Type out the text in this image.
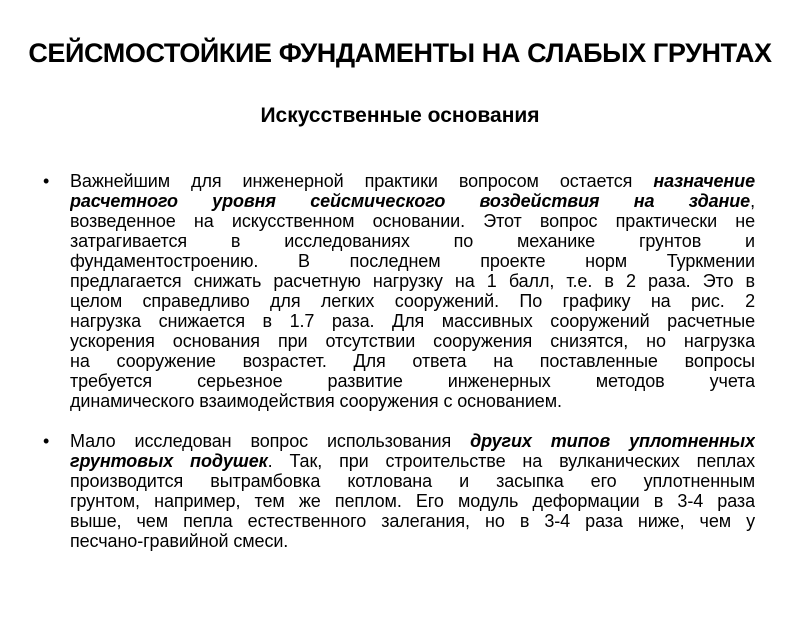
СЕЙСМОСТОЙКИЕ ФУНДАМЕНТЫ НА СЛАБЫХ ГРУНТАХ
Искусственные основания
• Важнейшим для инженерной практики вопросом остается назначение
расчетного уровня сейсмического воздействия на здание,
возведенное на искусственном основании. Этот вопрос практически не
затрагивается в исследованиях по механике грунтов и
фундаментостроению. В последнем проекте норм Туркмении
предлагается снижать расчетную нагрузку на 1 балл, т.е. в 2 раза. Это в
целом справедливо для легких сооружений. По графику на рис. 2
нагрузка снижается в 1.7 раза. Для массивных сооружений расчетные
ускорения основания при отсутствии сооружения снизятся, но нагрузка
на сооружение возрастет. Для ответа на поставленные вопросы
требуется серьезное развитие инженерных методов учета
динамического взаимодействия сооружения с основанием.
• Мало исследован вопрос использования других типов уплотненных
грунтовых подушек. Так, при строительстве на вулканических пеплах
производится вытрамбовка котлована и засыпка его уплотненным
грунтом, например, тем же пеплом. Его модуль деформации в 3-4 раза
выше, чем пепла естественного залегания, но в 3-4 раза ниже, чем у
песчано-гравийной смеси.
